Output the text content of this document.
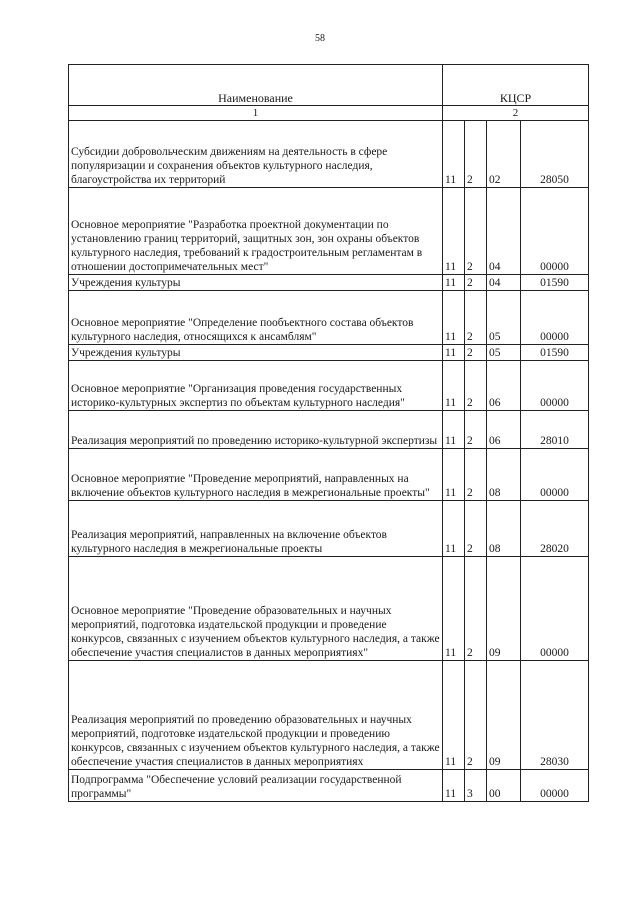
58
Наименование	КЦСР			
1	2			
Субсидии добровольческим движениям на деятельность в сфере популяризации и сохранения объектов культурного наследия, благоустройства их территорий	11	2	02	28050
Основное мероприятие "Разработка проектной документации по установлению границ территорий, защитных зон, зон охраны объектов культурного наследия, требований к градостроительным регламентам в отношении достопримечательных мест"	11	2	04	00000
Учреждения культуры	11	2	04	01590
Основное мероприятие "Определение пообъектного состава объектов культурного наследия, относящихся к ансамблям"	11	2	05	00000
Учреждения культуры	11	2	05	01590
Основное мероприятие "Организация проведения государственных историко-культурных экспертиз по объектам культурного наследия"	11	2	06	00000
Реализация мероприятий по проведению историко-культурной экспертизы	11	2	06	28010
Основное мероприятие "Проведение мероприятий, направленных на включение объектов культурного наследия в межрегиональные проекты"	11	2	08	00000
Реализация мероприятий, направленных на включение объектов культурного наследия в межрегиональные проекты	11	2	08	28020
Основное мероприятие "Проведение образовательных и научных мероприятий, подготовка издательской продукции и проведение конкурсов, связанных с изучением объектов культурного наследия, а также обеспечение участия специалистов в данных мероприятиях"	11	2	09	00000
Реализация мероприятий по проведению образовательных и научных мероприятий, подготовке издательской продукции и проведению конкурсов, связанных с изучением объектов культурного наследия, а также обеспечение участия специалистов в данных мероприятиях	11	2	09	28030
Подпрограмма "Обеспечение условий реализации государственной программы"	11	3	00	00000
